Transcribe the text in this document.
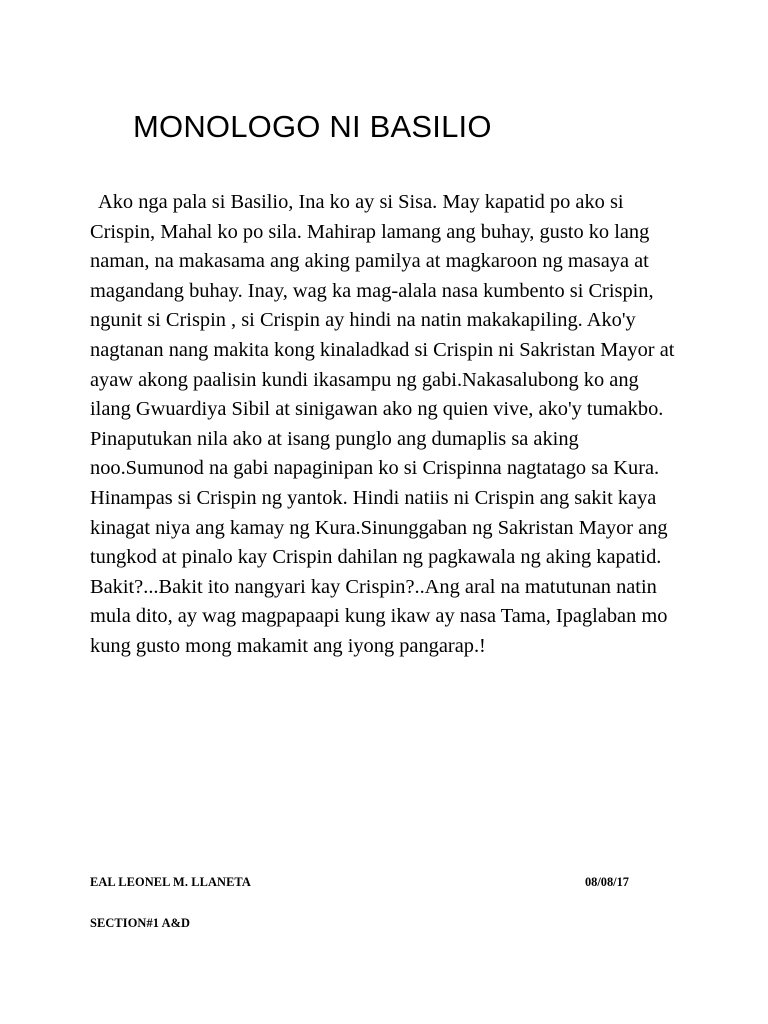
MONOLOGO NI BASILIO

Ako nga pala si Basilio, Ina ko ay si Sisa. May kapatid po ako si Crispin, Mahal ko po sila. Mahirap lamang ang buhay, gusto ko lang naman, na makasama ang aking pamilya at magkaroon ng masaya at magandang buhay. Inay, wag ka mag-alala nasa kumbento si Crispin, ngunit si Crispin , si Crispin ay hindi na natin makakapiling. Ako'y nagtanan nang makita kong kinaladkad si Crispin ni Sakristan Mayor at ayaw akong paalisin kundi ikasampu ng gabi.Nakasalubong ko ang ilang Gwuardiya Sibil at sinigawan ako ng quien vive, ako'y tumakbo. Pinaputukan nila ako at isang punglo ang dumaplis sa aking noo.Sumunod na gabi napaginipan ko si Crispinna nagtatago sa Kura. Hinampas si Crispin ng yantok. Hindi natiis ni Crispin ang sakit kaya kinagat niya ang kamay ng Kura.Sinunggaban ng Sakristan Mayor ang tungkod at pinalo kay Crispin dahilan ng pagkawala ng aking kapatid. Bakit?...Bakit ito nangyari kay Crispin?..Ang aral na matutunan natin mula dito, ay wag magpapaapi kung ikaw ay nasa Tama, Ipaglaban mo kung gusto mong makamit ang iyong pangarap.!

EAL LEONEL M. LLANETA	08/08/17
SECTION#1 A&D
